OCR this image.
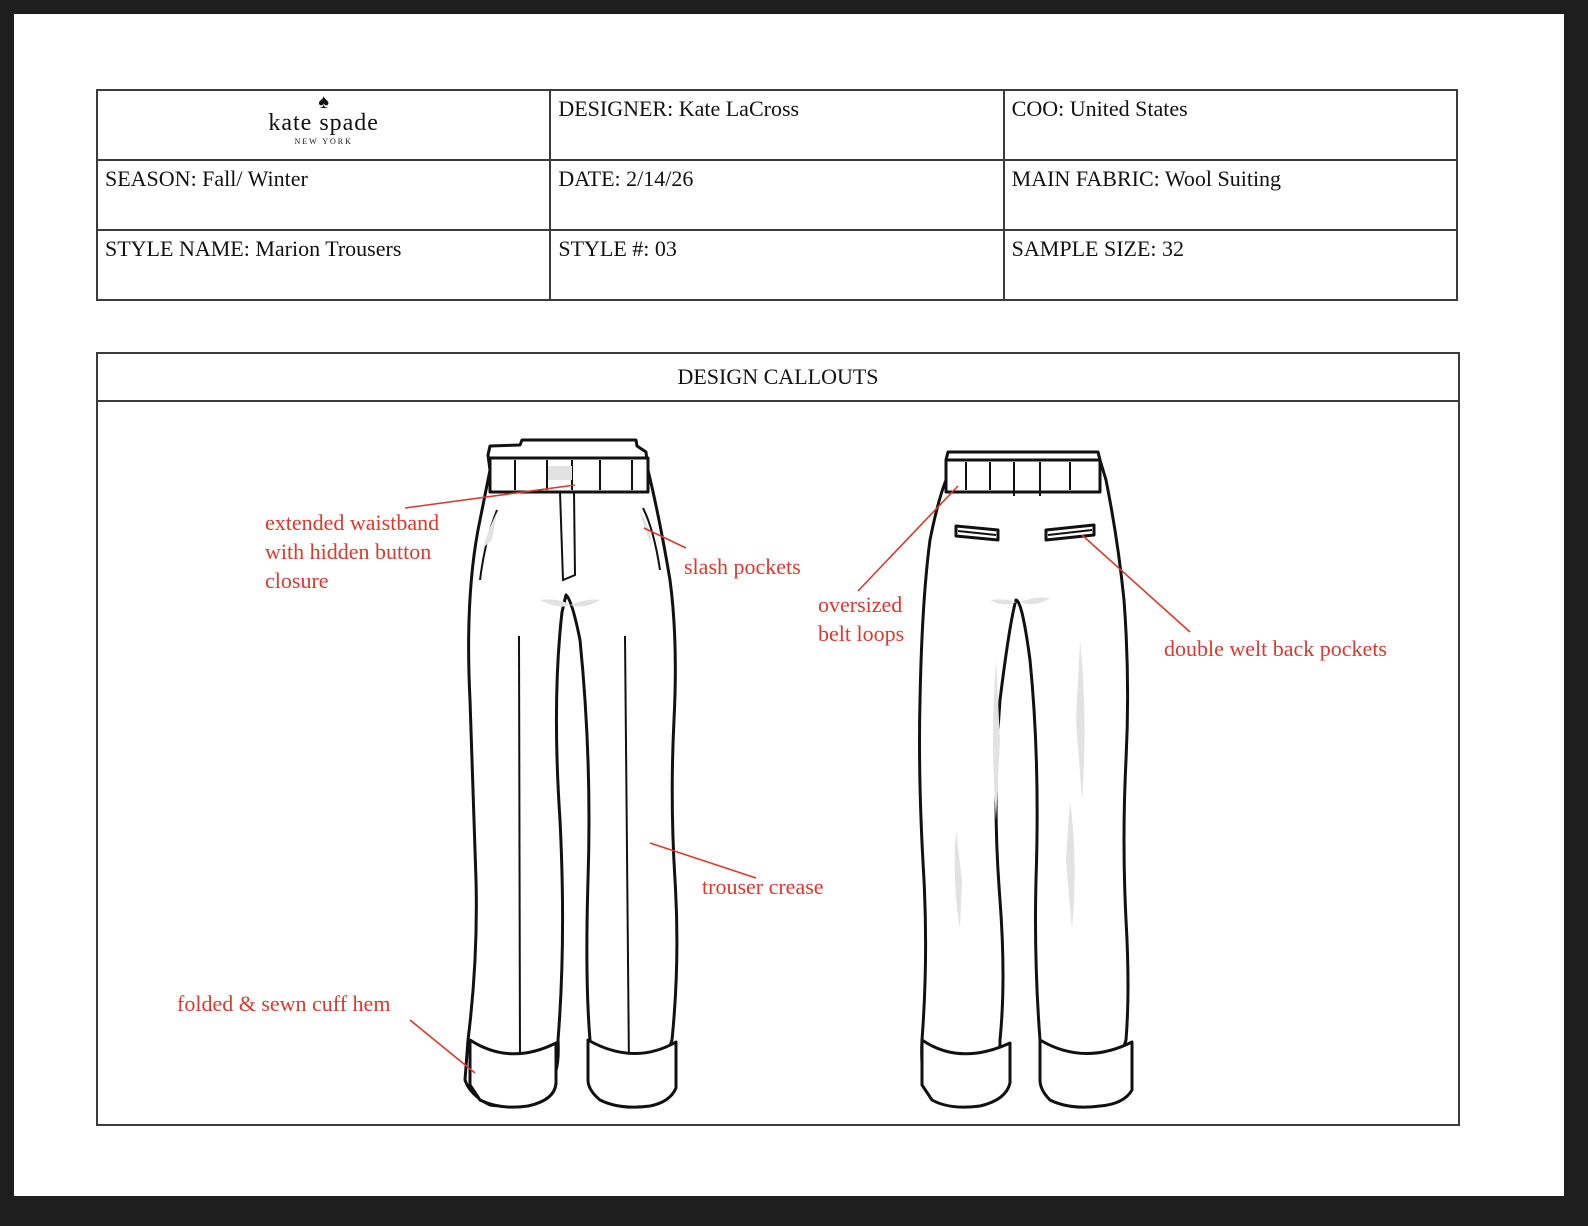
♠
kate spade
NEW YORK	DESIGNER: Kate LaCross	COO: United States
SEASON: Fall/ Winter	DATE: 2/14/26	MAIN FABRIC: Wool Suiting
STYLE NAME: Marion Trousers	STYLE #: 03	SAMPLE SIZE: 32
DESIGN CALLOUTS
extended waistband
with hidden button
closure
slash pockets
trouser crease
folded & sewn cuff hem
oversized
belt loops
double welt back pockets
